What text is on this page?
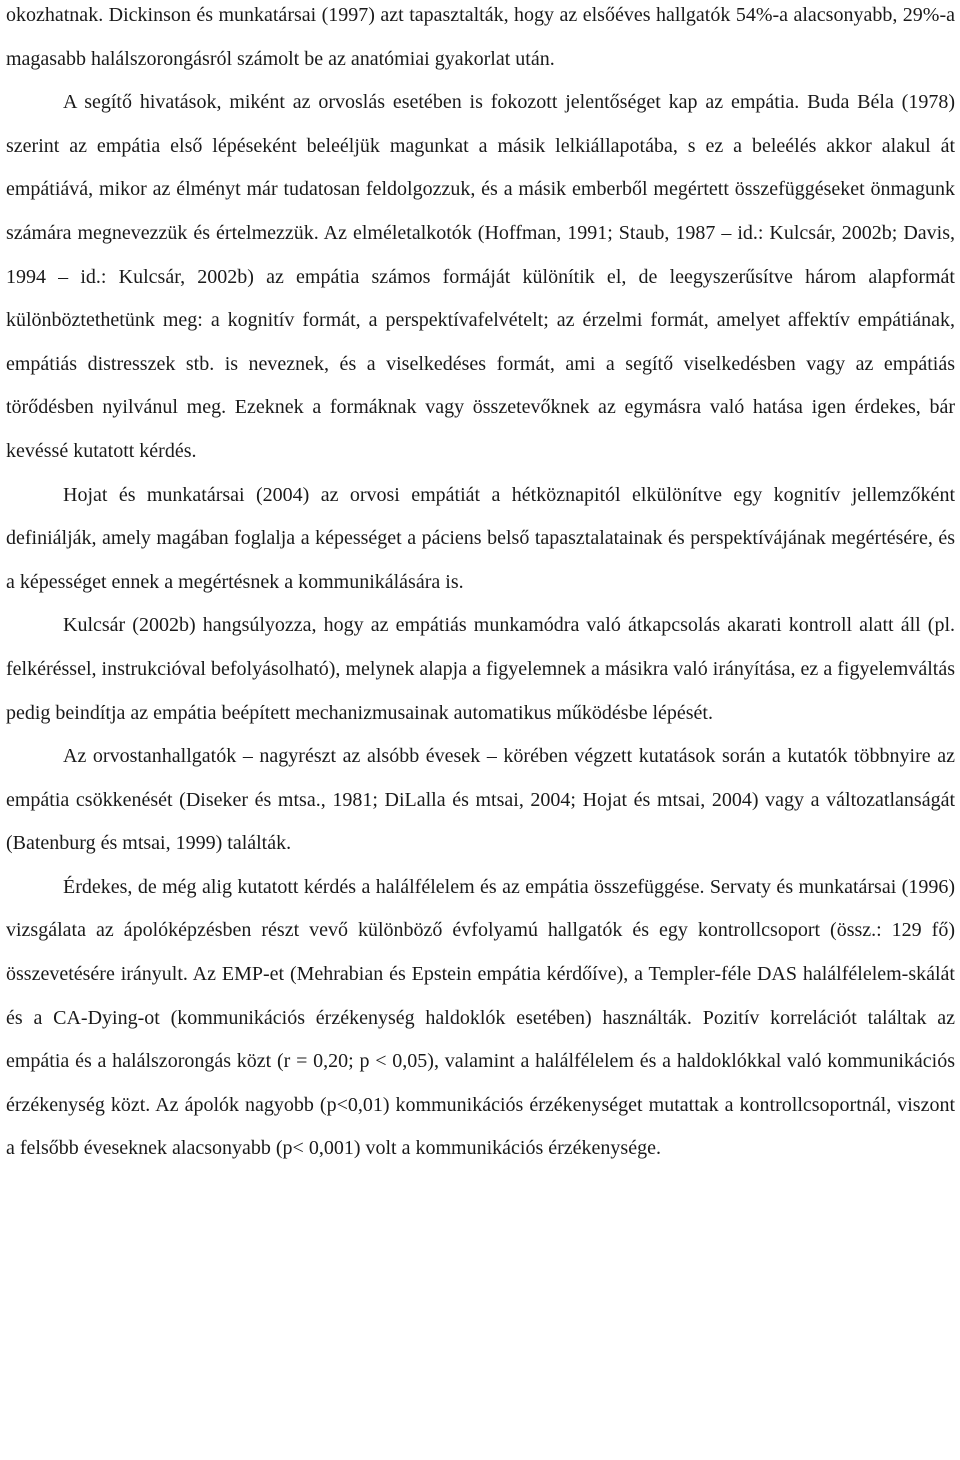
okozhatnak. Dickinson és munkatársai (1997) azt tapasztalták, hogy az elsőéves hallgatók 54%-a alacsonyabb, 29%-a magasabb halálszorongásról számolt be az anatómiai gyakorlat után.

A segítő hivatások, miként az orvoslás esetében is fokozott jelentőséget kap az empátia. Buda Béla (1978) szerint az empátia első lépéseként beleéljük magunkat a másik lelkiállapotába, s ez a beleélés akkor alakul át empátiává, mikor az élményt már tudatosan feldolgozzuk, és a másik emberből megértett összefüggéseket önmagunk számára megnevezzük és értelmezzük. Az elméletalkotók (Hoffman, 1991; Staub, 1987 – id.: Kulcsár, 2002b; Davis, 1994 – id.: Kulcsár, 2002b) az empátia számos formáját különítik el, de leegyszerűsítve három alapformát különböztethetünk meg: a kognitív formát, a perspektívafelvételt; az érzelmi formát, amelyet affektív empátiának, empátiás distresszek stb. is neveznek, és a viselkedéses formát, ami a segítő viselkedésben vagy az empátiás törődésben nyilvánul meg. Ezeknek a formáknak vagy összetevőknek az egymásra való hatása igen érdekes, bár kevéssé kutatott kérdés.

Hojat és munkatársai (2004) az orvosi empátiát a hétköznapitól elkülönítve egy kognitív jellemzőként definiálják, amely magában foglalja a képességet a páciens belső tapasztalatainak és perspektívájának megértésére, és a képességet ennek a megértésnek a kommunikálására is.

Kulcsár (2002b) hangsúlyozza, hogy az empátiás munkamódra való átkapcsolás akarati kontroll alatt áll (pl. felkéréssel, instrukcióval befolyásolható), melynek alapja a figyelemnek a másikra való irányítása, ez a figyelemváltás pedig beindítja az empátia beépített mechanizmusainak automatikus működésbe lépését.

Az orvostanhallgatók – nagyrészt az alsóbb évesek – körében végzett kutatások során a kutatók többnyire az empátia csökkenését (Diseker és mtsa., 1981; DiLalla és mtsai, 2004; Hojat és mtsai, 2004) vagy a változatlanságát (Batenburg és mtsai, 1999) találták.

Érdekes, de még alig kutatott kérdés a halálfélelem és az empátia összefüggése. Servaty és munkatársai (1996) vizsgálata az ápolóképzésben részt vevő különböző évfolyamú hallgatók és egy kontrollcsoport (össz.: 129 fő) összevetésére irányult. Az EMP-et (Mehrabian és Epstein empátia kérdőíve), a Templer-féle DAS halálfélelem-skálát és a CA-Dying-ot (kommunikációs érzékenység haldoklók esetében) használták. Pozitív korrelációt találtak az empátia és a halálszorongás közt (r = 0,20; p < 0,05), valamint a halálfélelem és a haldoklókkal való kommunikációs érzékenység közt. Az ápolók nagyobb (p<0,01) kommunikációs érzékenységet mutattak a kontrollcsoportnál, viszont a felsőbb éveseknek alacsonyabb (p< 0,001) volt a kommunikációs érzékenysége.
